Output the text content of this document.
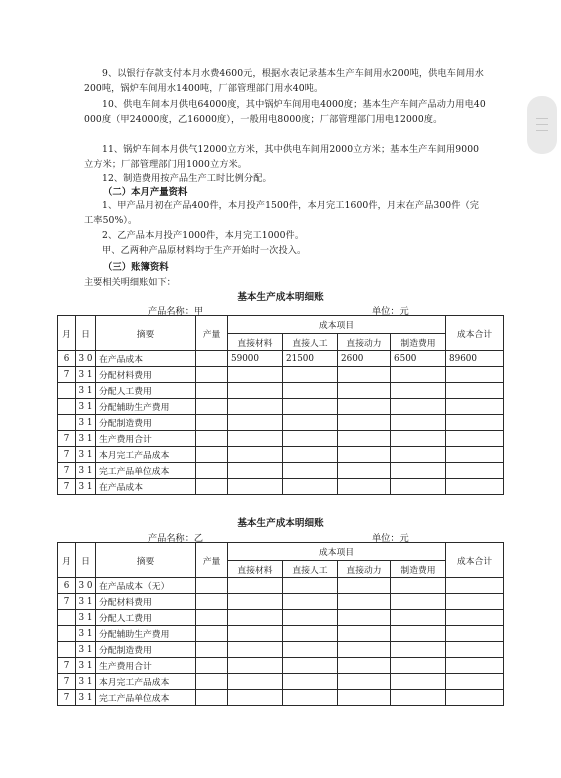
9、以银行存款支付本月水费4600元，根据水表记录基本生产车间用水200吨，供电车间用水200吨，锅炉车间用水1400吨，厂部管理部门用水40吨。

10、供电车间本月供电64000度，其中锅炉车间用电4000度；基本生产车间产品动力用电40000度（甲24000度，乙16000度），一般用电8000度；厂部管理部门用电12000度。

11、锅炉车间本月供气12000立方米，其中供电车间用2000立方米；基本生产车间用9000立方米；厂部管理部门用1000立方米。

12、制造费用按产品生产工时比例分配。

（二）本月产量资料

1、甲产品月初在产品400件，本月投产1500件，本月完工1600件，月末在产品300件（完工率50%）。

2、乙产品本月投产1000件，本月完工1000件。

甲、乙两种产品原材料均于生产开始时一次投入。

（三）账簿资料

主要相关明细账如下：

基本生产成本明细账

产品名称：甲	单位：元

月	日	摘要	产量	成本项目				成本合计
				直接材料	直接人工	直接动力	制造费用	
6	3 0	在产品成本		59000	21500	2600	6500	89600
7	3 1	分配材料费用						
	3 1	分配人工费用						
	3 1	分配辅助生产费用						
	3 1	分配制造费用						
7	3 1	生产费用合计						
7	3 1	本月完工产品成本						
7	3 1	完工产品单位成本						
7	3 1	在产品成本						

基本生产成本明细账

产品名称：乙	单位：元

月	日	摘要	产量	成本项目				成本合计
				直接材料	直接人工	直接动力	制造费用	
6	3 0	在产品成本（无）						
7	3 1	分配材料费用						
	3 1	分配人工费用						
	3 1	分配辅助生产费用						
	3 1	分配制造费用						
7	3 1	生产费用合计						
7	3 1	本月完工产品成本						
7	3 1	完工产品单位成本						
